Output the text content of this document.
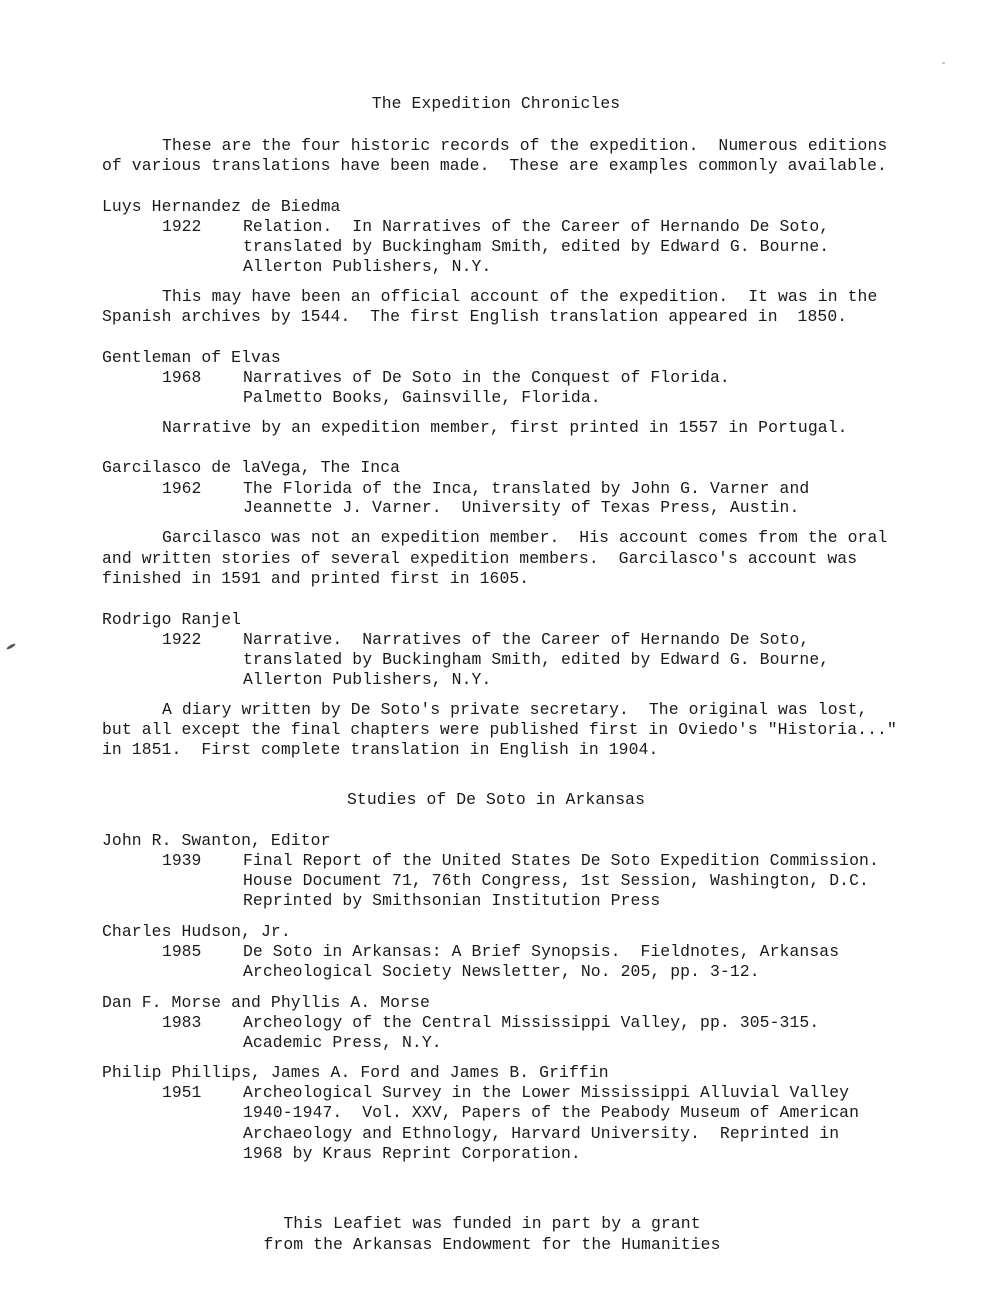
The Expedition Chronicles
These are the four historic records of the expedition.  Numerous editions
of various translations have been made.  These are examples commonly available.
Luys Hernandez de Biedma
1922	Relation.  In Narratives of the Career of Hernando De Soto,
translated by Buckingham Smith, edited by Edward G. Bourne.
Allerton Publishers, N.Y.
This may have been an official account of the expedition.  It was in the
Spanish archives by 1544.  The first English translation appeared in  1850.
Gentleman of Elvas
1968	Narratives of De Soto in the Conquest of Florida.
Palmetto Books, Gainsville, Florida.
Narrative by an expedition member, first printed in 1557 in Portugal.
Garcilasco de laVega, The Inca
1962	The Florida of the Inca, translated by John G. Varner and
Jeannette J. Varner.  University of Texas Press, Austin.
Garcilasco was not an expedition member.  His account comes from the oral
and written stories of several expedition members.  Garcilasco's account was
finished in 1591 and printed first in 1605.
Rodrigo Ranjel
1922	Narrative.  Narratives of the Career of Hernando De Soto,
translated by Buckingham Smith, edited by Edward G. Bourne,
Allerton Publishers, N.Y.
A diary written by De Soto's private secretary.  The original was lost,
but all except the final chapters were published first in Oviedo's "Historia..."
in 1851.  First complete translation in English in 1904.
Studies of De Soto in Arkansas
John R. Swanton, Editor
1939	Final Report of the United States De Soto Expedition Commission.
House Document 71, 76th Congress, 1st Session, Washington, D.C.
Reprinted by Smithsonian Institution Press
Charles Hudson, Jr.
1985	De Soto in Arkansas: A Brief Synopsis.  Fieldnotes, Arkansas
Archeological Society Newsletter, No. 205, pp. 3-12.
Dan F. Morse and Phyllis A. Morse
1983	Archeology of the Central Mississippi Valley, pp. 305-315.
Academic Press, N.Y.
Philip Phillips, James A. Ford and James B. Griffin
1951	Archeological Survey in the Lower Mississippi Alluvial Valley
1940-1947.  Vol. XXV, Papers of the Peabody Museum of American
Archaeology and Ethnology, Harvard University.  Reprinted in
1968 by Kraus Reprint Corporation.
This Leafiet was funded in part by a grant
from the Arkansas Endowment for the Humanities
